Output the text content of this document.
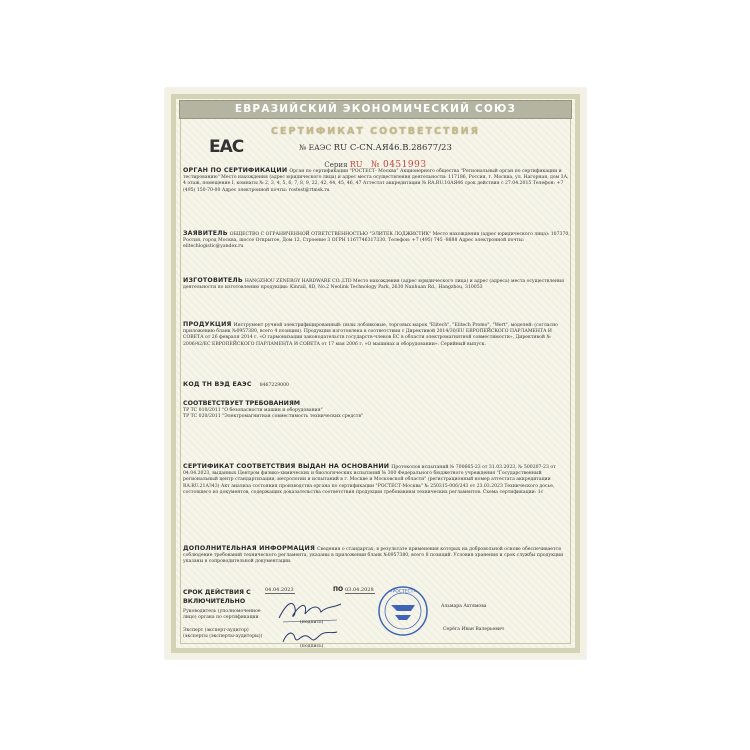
ЕВРАЗИЙСКИЙ ЭКОНОМИЧЕСКИЙ СОЮЗ
СЕРТИФИКАТ СООТВЕТСТВИЯ
EAC	№ ЕАЭС RU C-CN.АЯ46.В.28677/23
Серия RU № 0451993
ОРГАН ПО СЕРТИФИКАЦИИ Орган по сертификации "РОСТЕСТ- Москва" Акционерного общества "Региональный орган по сертификации и тестированию" Место нахождения (адрес юридического лица) и адрес места осуществления деятельности: 117186, Россия, г. Москва, ул. Нагорная, дом 3А, 4 этаж, помещение I, комнаты № 2, 3, 4, 5, 6, 7, 8, 9, 22, 42, 44, 45, 46, 47 Аттестат аккредитации № RA.RU.10АЯ46 срок действия с 27.04.2015 Телефон: +7 (495) 150-70-00 Адрес электронной почты: rostest@rtmsk.ru
ЗАЯВИТЕЛЬ ОБЩЕСТВО С ОГРАНИЧЕННОЙ ОТВЕТСТВЕННОСТЬЮ "ЭЛИТЕК ЛОДЖИСТИК" Место нахождения (адрес юридического лица): 107370, Россия, город Москва, шоссе Открытое, Дом 12, Строение 3 ОГРН 1167746317330. Телефон: +7 (495) 745 -8888 Адрес электронной почты: elitechlogistic@yandex.ru
ИЗГОТОВИТЕЛЬ HANGZHOU ZENERGY HARDWARE CO.,LTD Место нахождения (адрес юридического лица) и адрес (адреса) места осуществления деятельности по изготовлению продукции: Kinrail, 8D, No.2 Neolink Technology Park, 2630 Nanhuan Rd., Hangzhou, 310053
ПРОДУКЦИЯ Инструмент ручной электрифицированный: пилы лобзиковые, торговых марок "Elitech", "Elitech Promo", "Wert", моделей: (согласно приложению бланк №0957380, всего 4 позиции). Продукция изготовлена в соответствии с Директивой 2014/30/EU ЕВРОПЕЙСКОГО ПАРЛАМЕНТА И СОВЕТА от 26 февраля 2014 г. «О гармонизации законодательств государств-членов ЕС в области электромагнитной совместимости», Директивой № 2006/42/ЕС ЕВРОПЕЙСКОГО ПАРЛАМЕНТА И СОВЕТА от 17 мая 2006 г. «О машинах и оборудовании». Серийный выпуск.
КОД ТН ВЭД ЕАЭС 8467229000
СООТВЕТСТВУЕТ ТРЕБОВАНИЯМ
ТР ТС 010/2011 "О безопасности машин и оборудования"
ТР ТС 020/2011 "Электромагнитная совместимость технических средств"
СЕРТИФИКАТ СООТВЕТСТВИЯ ВЫДАН НА ОСНОВАНИИ Протоколов испытаний № 700665-23 от 31.03.2023, № 500207-23 от 04.04.2023, выданных Центром физико-химических и биологических испытаний № 300 Федерального бюджетного учреждения "Государственный региональный центр стандартизации, метрологии и испытаний в г. Москве и Московской области" (регистрационный номер аттестата аккредитации RA.RU.21АЗ43) Акт анализа состояния производства органа по сертификации "РОСТЕСТ-Москва" № 250315-006/243 от 23.03.2023 Технического досье, состоящего из документов, содержащих доказательства соответствия продукции требованиям технических регламентов. Схема сертификации: 1с
ДОПОЛНИТЕЛЬНАЯ ИНФОРМАЦИЯ Сведения о стандартах, в результате применения которых на добровольной основе обеспечивается соблюдение требований технического регламента, указаны в приложении бланк №0957380, всего 8 позиций. Условия хранения и срок службы продукции указаны в сопроводительной документации.
СРОК ДЕЙСТВИЯ С
ВКЛЮЧИТЕЛЬНО
04.04.2023	ПО 03.04.2028
Руководитель (уполномоченное
лицо) органа по сертификации
Эксперт (эксперт-аудитор)
(эксперты (эксперты-аудиторы))
(подпись)
(подпись)
«РОСТЕСТ»
Альмара Ахтямова
Серёга Иван Валерьевич
